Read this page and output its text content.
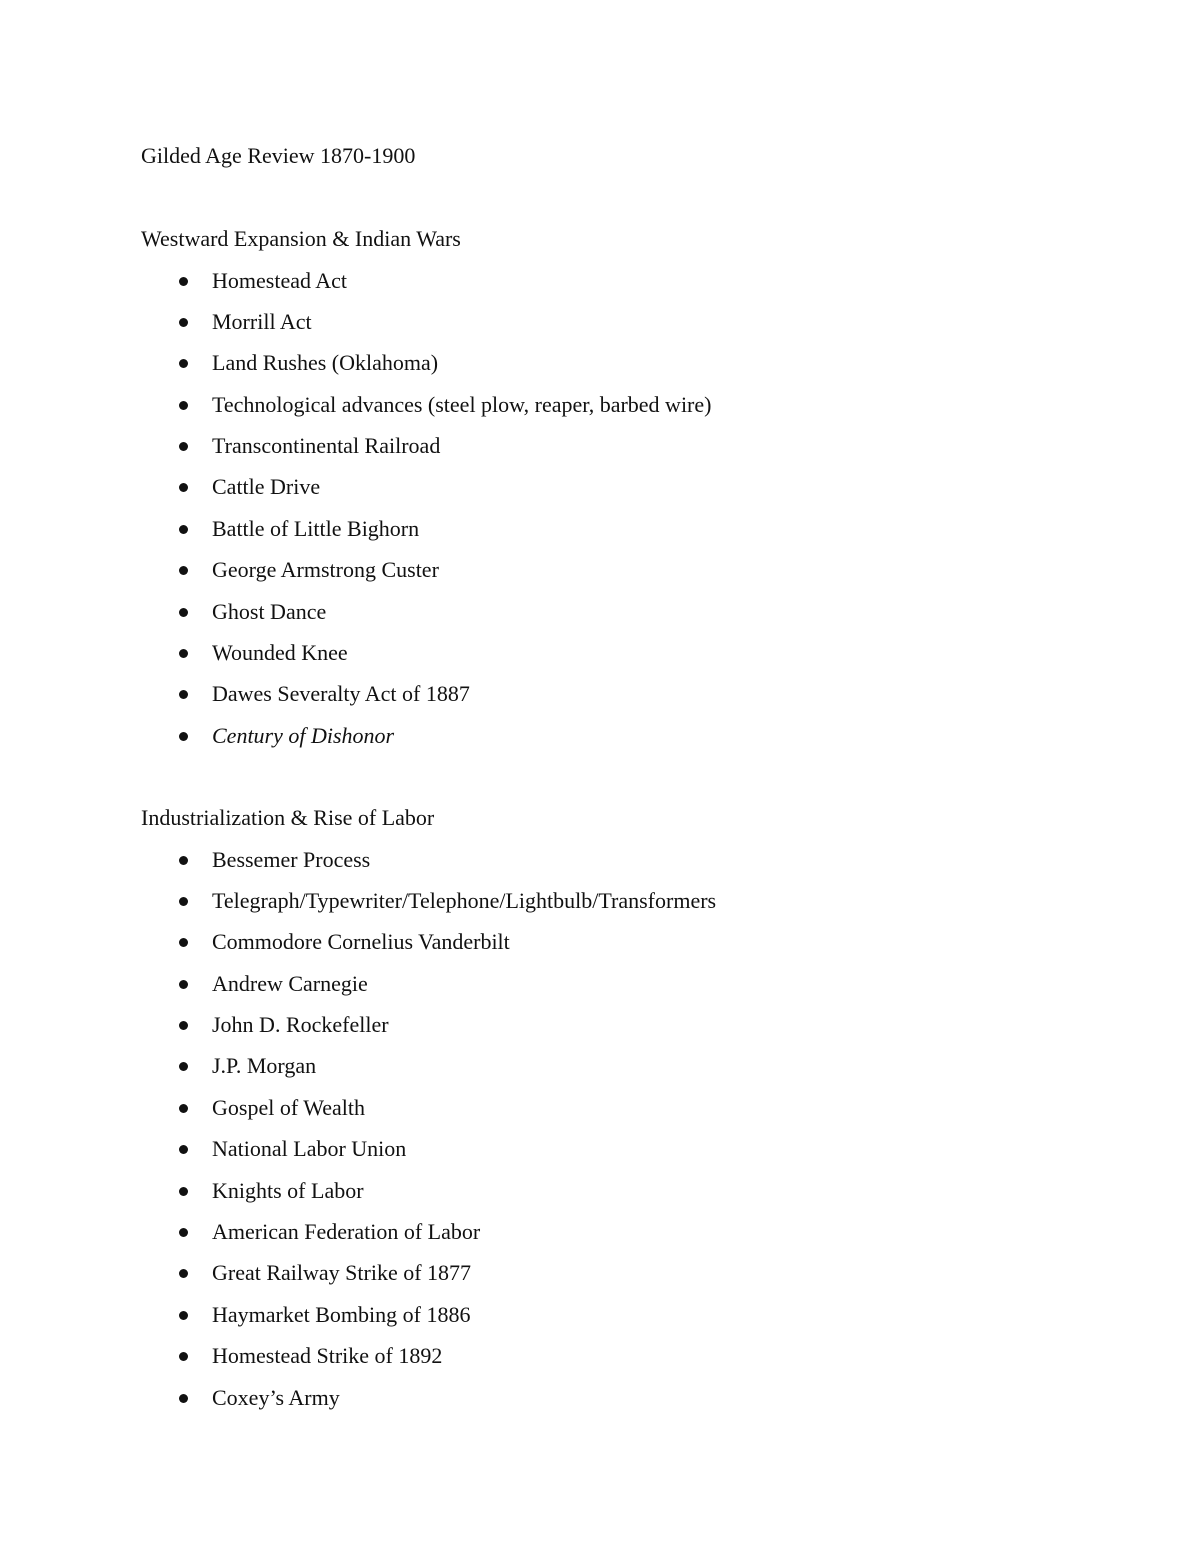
Gilded Age Review 1870-1900
Westward Expansion & Indian Wars
Homestead Act
Morrill Act
Land Rushes (Oklahoma)
Technological advances (steel plow, reaper, barbed wire)
Transcontinental Railroad
Cattle Drive
Battle of Little Bighorn
George Armstrong Custer
Ghost Dance
Wounded Knee
Dawes Severalty Act of 1887
Century of Dishonor
Industrialization & Rise of Labor
Bessemer Process
Telegraph/Typewriter/Telephone/Lightbulb/Transformers
Commodore Cornelius Vanderbilt
Andrew Carnegie
John D. Rockefeller
J.P. Morgan
Gospel of Wealth
National Labor Union
Knights of Labor
American Federation of Labor
Great Railway Strike of 1877
Haymarket Bombing of 1886
Homestead Strike of 1892
Coxey’s Army
